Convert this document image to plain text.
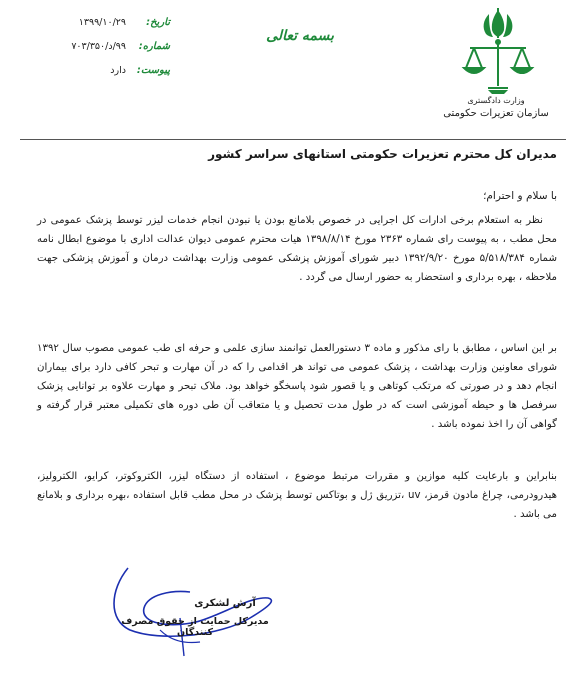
وزارت دادگستری
سازمان تعزیرات حکومتی
بسمه تعالی
تاریخ:
۱۳۹۹/۱۰/۲۹
شماره:
۹۹/د/۷۰۳/۳۵۰
پیوست:
دارد
مدیران کل محترم تعزیرات حکومتی استانهای سراسر کشور
با سلام و احترام؛
نظر به استعلام برخی ادارات کل اجرایی در خصوص بلامانع بودن یا نبودن انجام خدمات لیزر توسط پزشک عمومی در محل مطب ، به پیوست رای شماره ۲۳۶۳ مورخ ۱۳۹۸/۸/۱۴ هیات محترم عمومی دیوان عدالت اداری با موضوع ابطال نامه شماره ۵/۵۱۸/۳۸۴ مورخ ۱۳۹۲/۹/۲۰ دبیر شورای آموزش پزشکی عمومی وزارت بهداشت درمان و آموزش پزشکی جهت ملاحظه ، بهره برداری و استحضار به حضور ارسال می گردد .
بر این اساس ، مطابق با رای مذکور و ماده ۳ دستورالعمل توانمند سازی علمی و حرفه ای طب عمومی مصوب سال ۱۳۹۲ شورای معاونین وزارت بهداشت ، پزشک عمومی می تواند هر اقدامی را که در آن مهارت و تبحر کافی دارد برای بیماران انجام دهد و در صورتی که مرتکب کوتاهی و یا قصور شود پاسخگو خواهد بود. ملاک تبحر و مهارت علاوه بر توانایی پزشک سرفصل ها و حیطه آموزشی است که در طول مدت تحصیل و یا متعاقب آن طی دوره های تکمیلی معتبر قرار گرفته و گواهی آن را اخذ نموده باشد .
بنابراین و بارعایت کلیه موازین و مقررات مرتبط موضوع ، استفاده از دستگاه لیزر، الکتروکوتر، کرایو، الکترولیز، هیدرودرمی، چراغ مادون قرمز، uv ،تزریق ژل و بوتاکس توسط پزشک در محل مطب قابل استفاده ،بهره برداری و بلامانع می باشد .
آرش لشکری
مدیرکل حمایت از حقوق مصرف کنندگان
